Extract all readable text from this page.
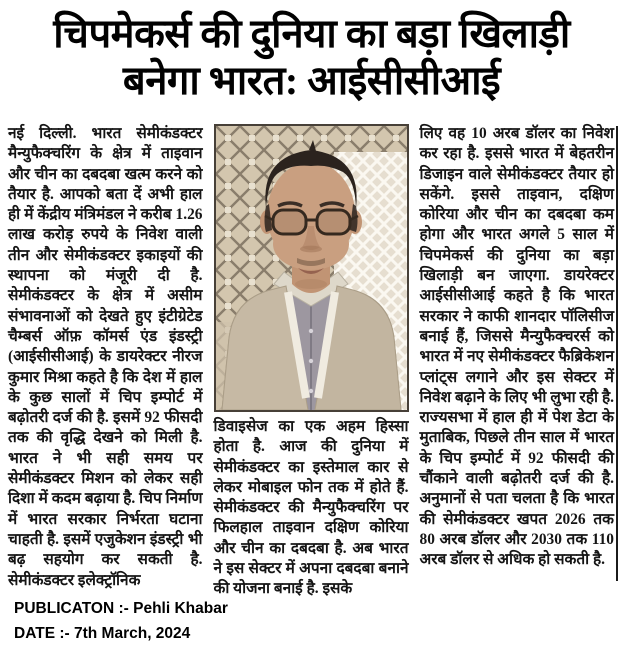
चिपमेकर्स की दुनिया का बड़ा खिलाड़ी
बनेगा भारत: आईसीसीआई
नई दिल्ली. भारत सेमीकंडक्टर मैन्युफैक्चरिंग के क्षेत्र में ताइवान और चीन का दबदबा खत्म करने को तैयार है. आपको बता दें अभी हाल ही में केंद्रीय मंत्रिमंडल ने करीब 1.26 लाख करोड़ रुपये के निवेश वाली तीन और सेमीकंडक्टर इकाइयों की स्थापना को मंजूरी दी है. सेमीकंडक्टर के क्षेत्र में असीम संभावनाओं को देखते हुए इंटीग्रेटेड चैम्बर्स ऑफ़ कॉमर्स एंड इंडस्ट्री (आईसीसीआई) के डायरेक्टर नीरज कुमार मिश्रा कहते है कि देश में हाल के कुछ सालों में चिप इम्पोर्ट में बढ़ोतरी दर्ज की है. इसमें 92 फीसदी तक की वृद्धि देखने को मिली है. भारत ने भी सही समय पर सेमीकंडक्टर मिशन को लेकर सही दिशा में कदम बढ़ाया है. चिप निर्माण में भारत सरकार निर्भरता घटाना चाहती है. इसमें एजुकेशन इंडस्ट्री भी बढ़ सहयोग कर सकती है. सेमीकंडक्टर इलेक्ट्रॉनिक
डिवाइसेज का एक अहम हिस्सा होता है. आज की दुनिया में सेमीकंडक्टर का इस्तेमाल कार से लेकर मोबाइल फोन तक में होते हैं. सेमीकंडक्टर की मैन्युफैक्चरिंग पर फिलहाल ताइवान दक्षिण कोरिया और चीन का दबदबा है. अब भारत ने इस सेक्टर में अपना दबदबा बनाने की योजना बनाई है. इसके
लिए वह 10 अरब डॉलर का निवेश कर रहा है. इससे भारत में बेहतरीन डिजाइन वाले सेमीकंडक्टर तैयार हो सकेंगे. इससे ताइवान, दक्षिण कोरिया और चीन का दबदबा कम होगा और भारत अगले 5 साल में चिपमेकर्स की दुनिया का बड़ा खिलाड़ी बन जाएगा. डायरेक्टर आईसीसीआई कहते है कि भारत सरकार ने काफी शानदार पॉलिसीज बनाई हैं, जिससे मैन्युफैक्चरर्स को भारत में नए सेमीकंडक्टर फैब्रिकेशन प्लांट्स लगाने और इस सेक्टर में निवेश बढ़ाने के लिए भी लुभा रही है. राज्यसभा में हाल ही में पेश डेटा के मुताबिक, पिछले तीन साल में भारत के चिप इम्पोर्ट में 92 फीसदी की चौंकाने वाली बढ़ोतरी दर्ज की है. अनुमानों से पता चलता है कि भारत की सेमीकंडक्टर खपत 2026 तक 80 अरब डॉलर और 2030 तक 110 अरब डॉलर से अधिक हो सकती है.
PUBLICATON :- Pehli Khabar
DATE :- 7th March, 2024
